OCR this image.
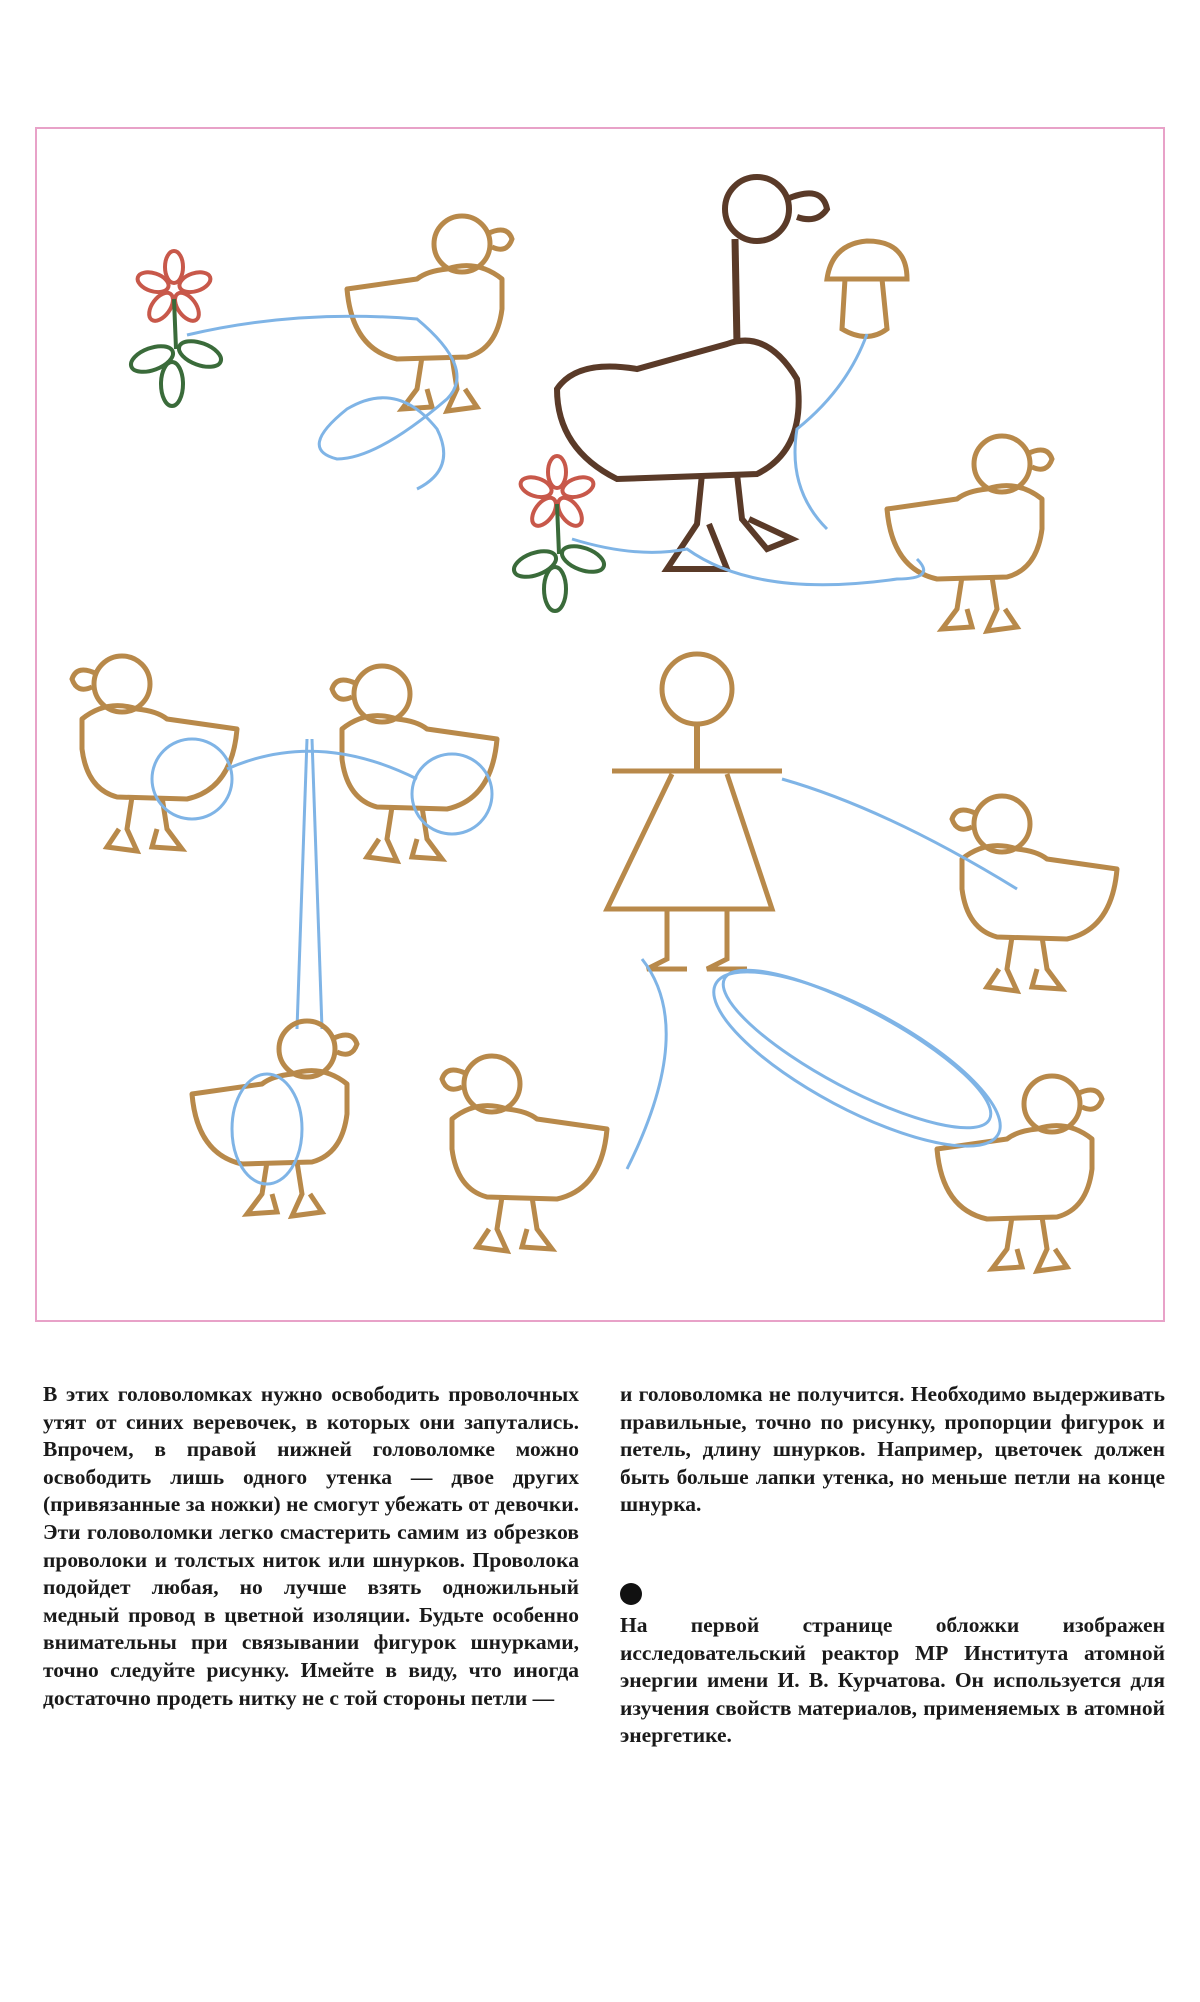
В этих головоломках нужно освободить проволочных утят от синих веревочек, в которых они запутались. Впрочем, в правой нижней головоломке можно освободить лишь одного утенка — двое других (привязанные за ножки) не смогут убежать от девочки. Эти головоломки легко смастерить самим из обрезков проволоки и толстых ниток или шнурков. Проволока подойдет любая, но лучше взять одножильный медный провод в цветной изоляции. Будьте особенно внимательны при связывании фигурок шнурками, точно следуйте рисунку. Имейте в виду, что иногда достаточно продеть нитку не с той стороны петли —
и головоломка не получится. Необходимо выдерживать правильные, точно по рисунку, пропорции фигурок и петель, длину шнурков. Например, цветочек должен быть больше лапки утенка, но меньше петли на конце шнурка.
На первой странице обложки изображен исследовательский реактор МР Института атомной энергии имени И. В. Курчатова. Он используется для изучения свойств материалов, применяемых в атомной энергетике.
